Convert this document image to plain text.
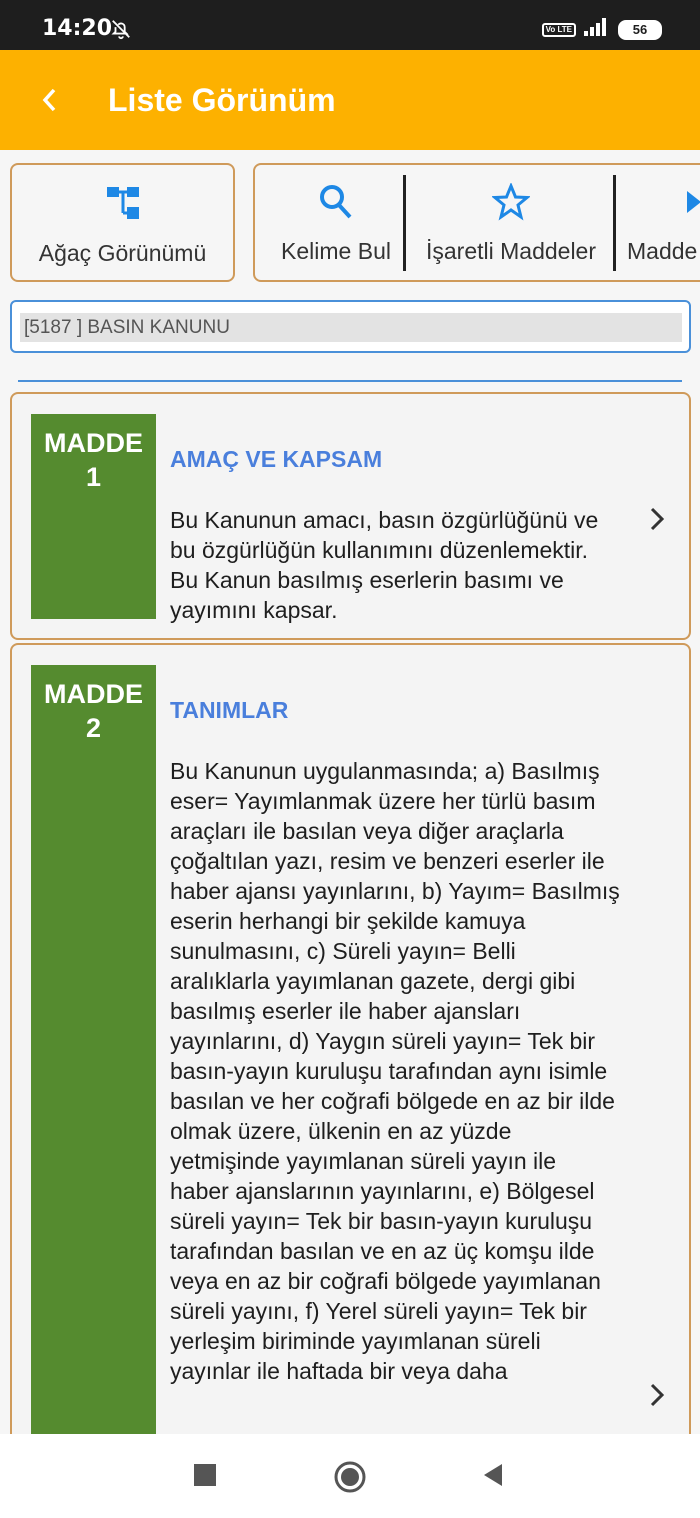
14:20	Vo LTE	56
Liste Görünüm
Ağaç Görünümü	Kelime Bul İşaretli Maddeler Madde
[5187 ] BASIN KANUNU
MADDE
1
AMAÇ VE KAPSAM
Bu Kanunun amacı, basın özgürlüğünü ve bu özgürlüğün kullanımını düzenlemektir. Bu Kanun basılmış eserlerin basımı ve yayımını kapsar.
MADDE
2
TANIMLAR
Bu Kanunun uygulanmasında; a) Basılmış eser= Yayımlanmak üzere her türlü basım araçları ile basılan veya diğer araçlarla çoğaltılan yazı, resim ve benzeri eserler ile haber ajansı yayınlarını, b) Yayım= Basılmış eserin herhangi bir şekilde kamuya sunulmasını, c) Süreli yayın= Belli aralıklarla yayımlanan gazete, dergi gibi basılmış eserler ile haber ajansları yayınlarını, d) Yaygın süreli yayın= Tek bir basın-yayın kuruluşu tarafından aynı isimle basılan ve her coğrafi bölgede en az bir ilde olmak üzere, ülkenin en az yüzde yetmişinde yayımlanan süreli yayın ile haber ajanslarının yayınlarını, e) Bölgesel süreli yayın= Tek bir basın-yayın kuruluşu tarafından basılan ve en az üç komşu ilde veya en az bir coğrafi bölgede yayımlanan süreli yayını, f) Yerel süreli yayın= Tek bir yerleşim biriminde yayımlanan süreli yayınlar ile haftada bir veya daha
